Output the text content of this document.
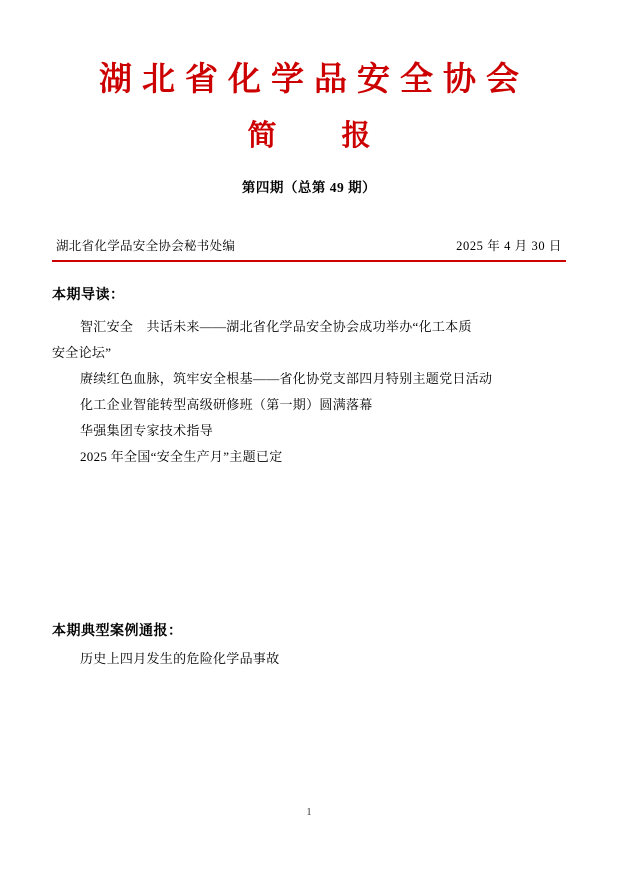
湖北省化学品安全协会
简　报
第四期（总第 49 期）
湖北省化学品安全协会秘书处编	2025 年 4 月 30 日
本期导读：
智汇安全　共话未来——湖北省化学品安全协会成功举办“化工本质
安全论坛”
赓续红色血脉，筑牢安全根基——省化协党支部四月特别主题党日活动
化工企业智能转型高级研修班（第一期）圆满落幕
华强集团专家技术指导
2025 年全国“安全生产月”主题已定
本期典型案例通报：
历史上四月发生的危险化学品事故
1
